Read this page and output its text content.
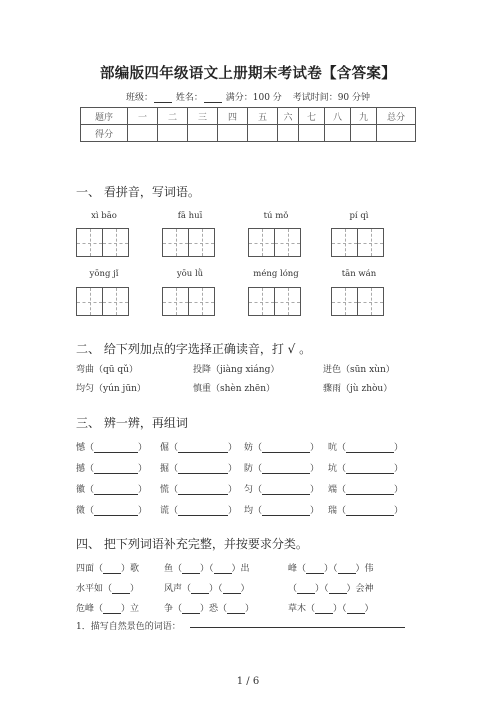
部编版四年级语文上册期末考试卷【含答案】
班级：	姓名：	满分：100 分 考试时间：90 分钟
题序	一	二	三	四	五	六	七	八	九	总分
得分										
一、 看拼音，写词语。
xì bāo	fā huī	tú mǒ	pí qì
yōng jǐ	yōu lǜ	méng lóng	tān wán
二、 给下列加点的字选择正确读音，打 √ 。
弯曲（qū qǔ）	投降（jiàng xiáng）	迸色（sūn xùn）
均匀（yún jūn）	慎重（shèn zhēn）	骤雨（jù zhòu）
三、 辨一辨，再组词
憾（	） 倔（	） 妨（	） 吭（	）
撼（	） 掘（	） 防（	） 坑（	）
徽（	） 慌（	） 匀（	） 端（	）
微（	） 谎（	） 均（	） 瑞（	）
四、 把下列词语补充完整，并按要求分类。
四面（ ）歌	鱼（ ）（ ）出	峰（ ）（ ）伟
水平如（ ）	风声（ ）（ ）	（ ）（ ）会神
危峰（ ）立	争（ ）恐（ ）	草木（ ）（ ）
1．描写自然景色的词语：
1 / 6
